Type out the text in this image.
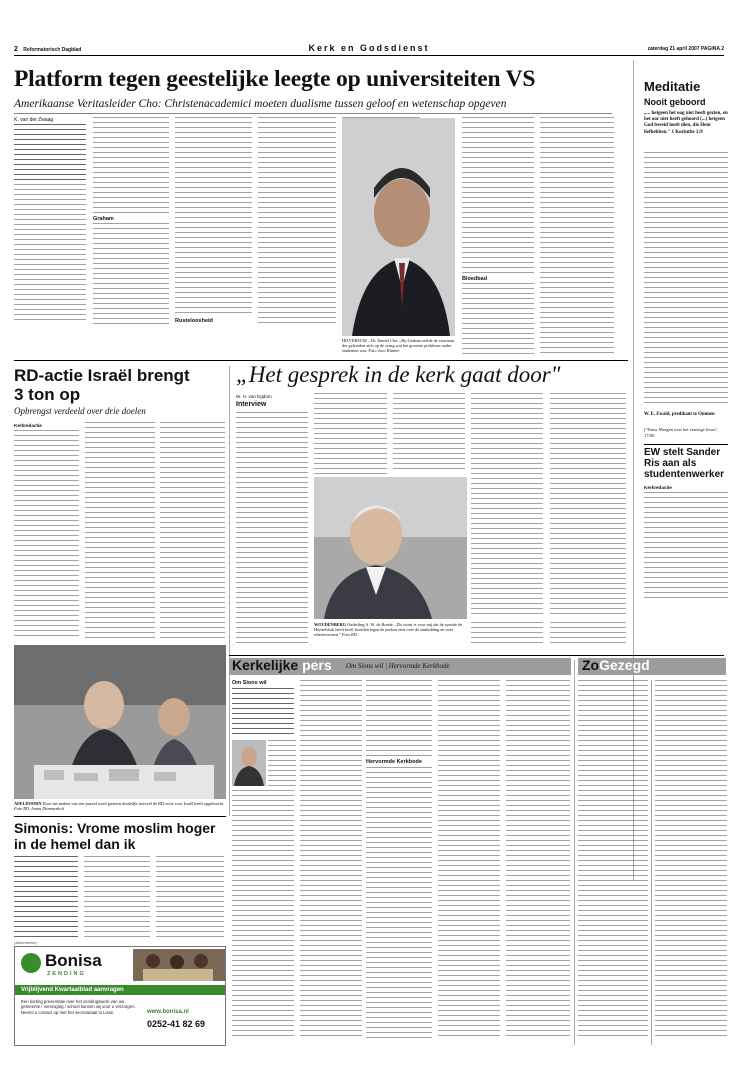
2 Reformatorisch Dagblad	Kerk en Godsdienst	zaterdag 21 april 2007 PAGINA 2
Platform tegen geestelijke leegte op universiteiten VS
Amerikaanse Veritasleider Cho: Christenacademici moeten dualisme tussen geloof en wetenschap opgeven
K. van der Zwaag
Graham
Rusteloosheid
HILVERSUM – Dr. Daniel Cho: „Bij Graham stelde de voorman der geleerden zich op de vraag wat het grootste probleem onder studenten was. Foto Jaco Klamer
Bloedbad
Meditatie
Nooit geboord
„... hetgeen het oog niet heeft gezien, en het oor niet heeft gehoord (...) hetgeen God bereid heeft dien, die Hem liefhebben." 1 Korinthe 2:9
W. E. Ewald, predikant te Ommen
("Eeuw Morgen over het eeuwige leven", 1738)
EW stelt Sander Ris aan als studentenwerker
Kerkredactie
RD-actie Israël brengt 3 ton op
Opbrengst verdeeld over drie doelen
Kerkredactie
APELDOORN Door het maken van een puzzel werd gisteren duidelijk hoeveel de RD-actie voor Israël heeft opgebracht. Foto RD, Anton Dommerholt
„Het gesprek in de kerk gaat door"
W. H. van Egdom
Interview
WOUDENBERG Ouderling A. W. de Ronde: „Do winst is voor mij dat de synode de Hersteldruk heeft heeft hoofden tegen de preken zien over de aanbidding en over relatievormen." Foto RD
Kerkelijke pers Om Sions wil | Hervormde Kerkbode
Om Sions wil
Hervormde Kerkbode
ZoGezegd
Simonis: Vrome moslim hoger in de hemel dan ik
(Advertentie)
Bonisa
ZENDING
Vrijblijvend Kwartaalblad aanvragen
Een korting presentatie over het zendingswerk van uw gemeente / vereniging / school kunnen wij voor u verzorgen. Neemt u contact op met het secretariaat in Lisse.	www.bonisa.nl
0252-41 82 69
